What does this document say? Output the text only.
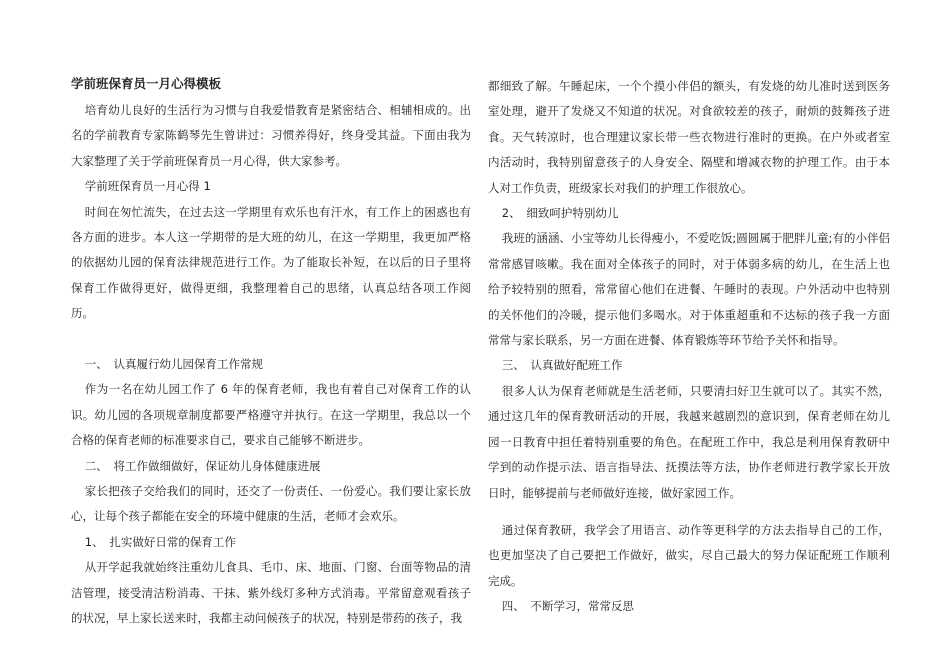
学前班保育员一月心得模板

培育幼儿良好的生活行为习惯与自我爱惜教育是紧密结合、相辅相成的。出名的学前教育专家陈鹤琴先生曾讲过：习惯养得好，终身受其益。下面由我为大家整理了关于学前班保育员一月心得，供大家参考。

学前班保育员一月心得 1

时间在匆忙流失，在过去这一学期里有欢乐也有汗水，有工作上的困惑也有各方面的进步。本人这一学期带的是大班的幼儿，在这一学期里，我更加严格的依据幼儿园的保育法律规范进行工作。为了能取长补短，在以后的日子里将保育工作做得更好，做得更细，我整理着自己的思绪，认真总结各项工作阅历。

一、　认真履行幼儿园保育工作常规

作为一名在幼儿园工作了 6 年的保育老师，我也有着自己对保育工作的认识。幼儿园的各项规章制度都要严格遵守并执行。在这一学期里，我总以一个合格的保育老师的标准要求自己，要求自己能够不断进步。

二、　将工作做细做好，保证幼儿身体健康进展

家长把孩子交给我们的同时，还交了一份责任、一份爱心。我们要让家长放心，让每个孩子都能在安全的环境中健康的生活，老师才会欢乐。

1、　扎实做好日常的保育工作

从开学起我就始终注重幼儿食具、毛巾、床、地面、门窗、台面等物品的清洁管理，接受清洁粉消毒、干抹、紫外线灯多种方式消毒。平常留意观看孩子的状况，早上家长送来时，我都主动问候孩子的状况，特别是带药的孩子，我

都细致了解。午睡起床，一个个摸小伴侣的额头，有发烧的幼儿准时送到医务室处理，避开了发烧又不知道的状况。对食欲较差的孩子，耐烦的鼓舞孩子进食。天气转凉时，也合理建议家长带一些衣物进行准时的更换。在户外或者室内活动时，我特别留意孩子的人身安全、隔壁和增减衣物的护理工作。由于本人对工作负责，班级家长对我们的护理工作很放心。

2、　细致呵护特别幼儿

我班的涵涵、小宝等幼儿长得瘦小，不爱吃饭;圆圆属于肥胖儿童;有的小伴侣常常感冒咳嗽。我在面对全体孩子的同时，对于体弱多病的幼儿，在生活上也给予较特别的照看，常常留心他们在进餐、午睡时的表现。户外活动中也特别的关怀他们的冷暖，提示他们多喝水。对于体重超重和不达标的孩子我一方面常常与家长联系，另一方面在进餐、体育锻炼等环节给予关怀和指导。

三、　认真做好配班工作

很多人认为保育老师就是生活老师，只要清扫好卫生就可以了。其实不然，通过这几年的保育教研活动的开展，我越来越剧烈的意识到，保育老师在幼儿园一日教育中担任着特别重要的角色。在配班工作中，我总是利用保育教研中学到的动作提示法、语言指导法、抚摸法等方法，协作老师进行教学家长开放日时，能够提前与老师做好连接，做好家园工作。

通过保育教研，我学会了用语言、动作等更科学的方法去指导自己的工作，也更加坚决了自己要把工作做好，做实，尽自己最大的努力保证配班工作顺利完成。

四、　不断学习，常常反思
